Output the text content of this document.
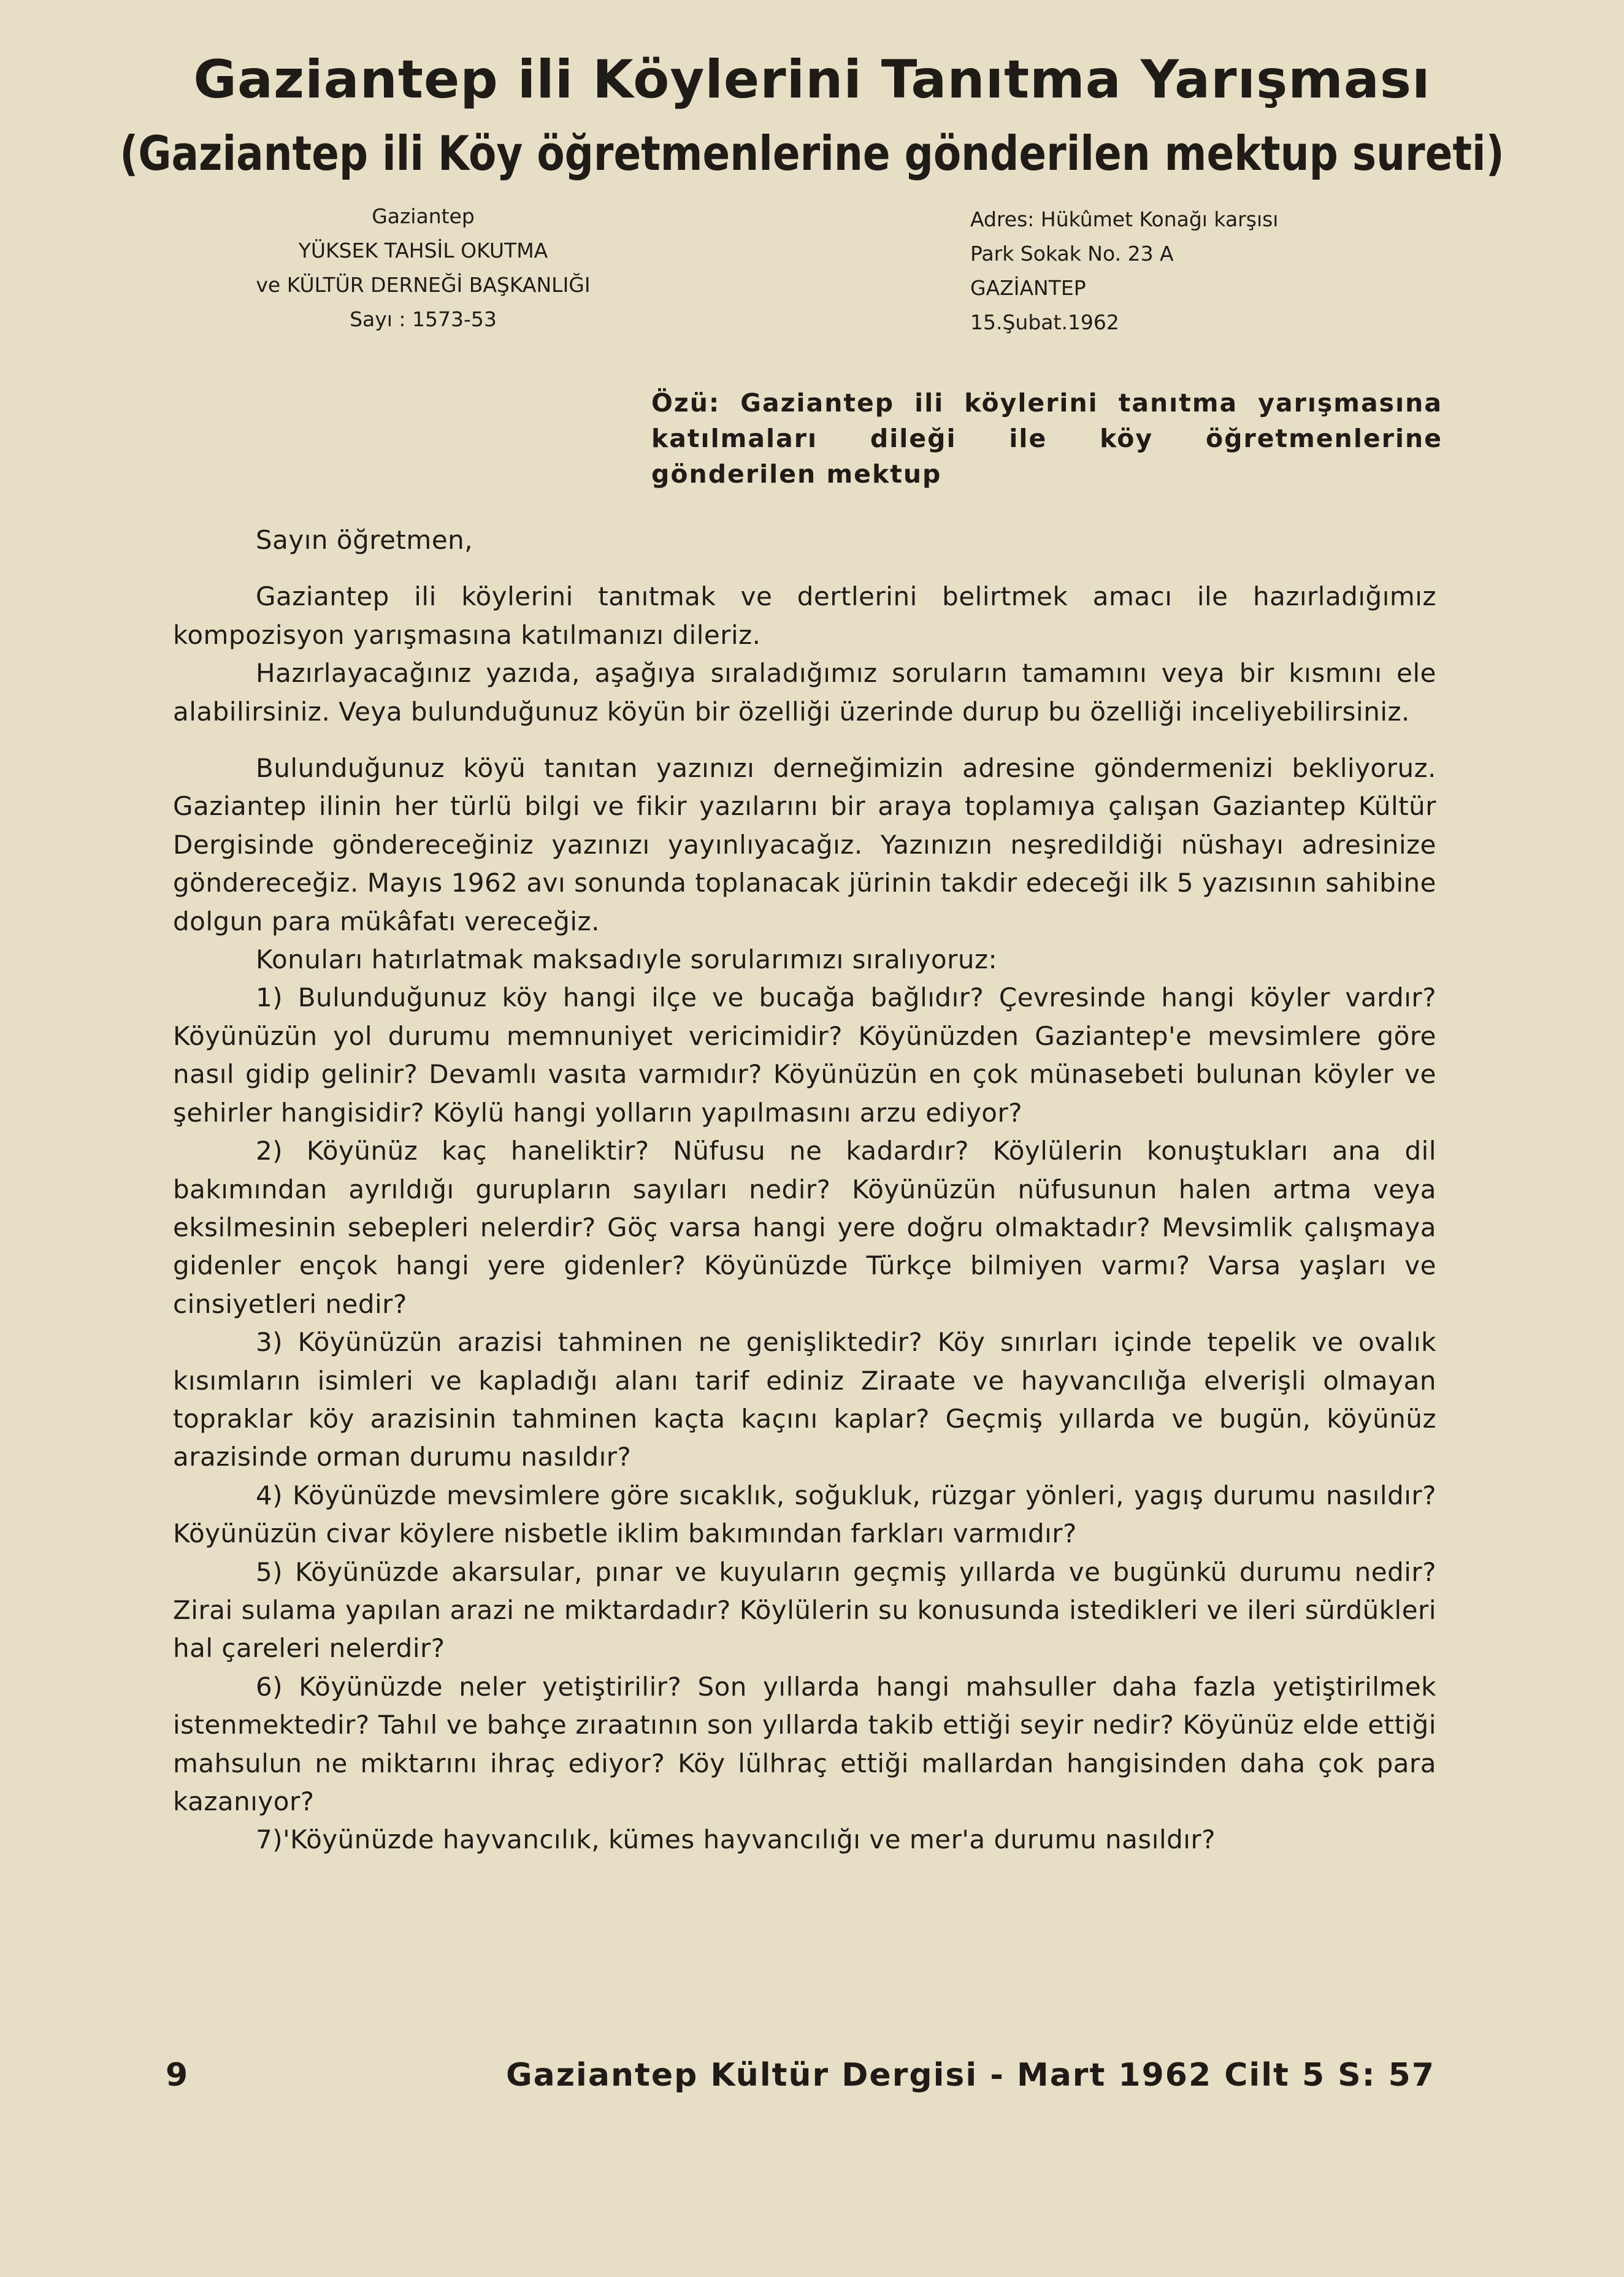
Gaziantep ili Köylerini Tanıtma Yarışması
(Gaziantep ili Köy öğretmenlerine gönderilen mektup sureti)
Gaziantep
YÜKSEK TAHSİL OKUTMA
ve KÜLTÜR DERNEĞİ BAŞKANLIĞI
Sayı : 1573-53
Adres: Hükûmet Konağı karşısı
Park Sokak No. 23 A
GAZİANTEP
15.Şubat.1962
Özü: Gaziantep ili köylerini tanıtma yarışmasına katılmaları dileği ile köy öğretmenlerine gönderilen mektup

Sayın öğretmen,

Gaziantep ili köylerini tanıtmak ve dertlerini belirtmek amacı ile hazırladığımız kompozisyon yarışmasına katılmanızı dileriz.

Hazırlayacağınız yazıda, aşağıya sıraladığımız soruların tamamını veya bir kısmını ele alabilirsiniz. Veya bulunduğunuz köyün bir özelliği üzerinde durup bu özelliği inceliyebilirsiniz.

Bulunduğunuz köyü tanıtan yazınızı derneğimizin adresine göndermenizi bekliyoruz. Gaziantep ilinin her türlü bilgi ve fikir yazılarını bir araya toplamıya çalışan Gaziantep Kültür Dergisinde göndereceğiniz yazınızı yayınlıyacağız. Yazınızın neşredildiği nüshayı adresinize göndereceğiz. Mayıs 1962 avı sonunda toplanacak jürinin takdir edeceği ilk 5 yazısının sahibine dolgun para mükâfatı vereceğiz.

Konuları hatırlatmak maksadıyle sorularımızı sıralıyoruz:

1) Bulunduğunuz köy hangi ilçe ve bucağa bağlıdır? Çevresinde hangi köyler vardır? Köyünüzün yol durumu memnuniyet vericimidir? Köyünüzden Gaziantep'e mevsimlere göre nasıl gidip gelinir? Devamlı vasıta varmıdır? Köyünüzün en çok münasebeti bulunan köyler ve şehirler hangisidir? Köylü hangi yolların yapılmasını arzu ediyor?

2) Köyünüz kaç haneliktir? Nüfusu ne kadardır? Köylülerin konuştukları ana dil bakımından ayrıldığı gurupların sayıları nedir? Köyünüzün nüfusunun halen artma veya eksilmesinin sebepleri nelerdir? Göç varsa hangi yere doğru olmaktadır? Mevsimlik çalışmaya gidenler ençok hangi yere gidenler? Köyünüzde Türkçe bilmiyen varmı? Varsa yaşları ve cinsiyetleri nedir?

3) Köyünüzün arazisi tahminen ne genişliktedir? Köy sınırları içinde tepelik ve ovalık kısımların isimleri ve kapladığı alanı tarif ediniz Ziraate ve hayvancılığa elverişli olmayan topraklar köy arazisinin tahminen kaçta kaçını kaplar? Geçmiş yıllarda ve bugün, köyünüz arazisinde orman durumu nasıldır?

4) Köyünüzde mevsimlere göre sıcaklık, soğukluk, rüzgar yönleri, yagış durumu nasıldır? Köyünüzün civar köylere nisbetle iklim bakımından farkları varmıdır?

5) Köyünüzde akarsular, pınar ve kuyuların geçmiş yıllarda ve bugünkü durumu nedir? Zirai sulama yapılan arazi ne miktardadır? Köylülerin su konusunda istedikleri ve ileri sürdükleri hal çareleri nelerdir?

6) Köyünüzde neler yetiştirilir? Son yıllarda hangi mahsuller daha fazla yetiştirilmek istenmektedir? Tahıl ve bahçe zıraatının son yıllarda takib ettiği seyir nedir? Köyünüz elde ettiği mahsulun ne miktarını ihraç ediyor? Köy lülhraç ettiği mallardan hangisinden daha çok para kazanıyor?

7)'Köyünüzde hayvancılık, kümes hayvancılığı ve mer'a durumu nasıldır?

9	Gaziantep Kültür Dergisi - Mart 1962 Cilt 5 S: 57
